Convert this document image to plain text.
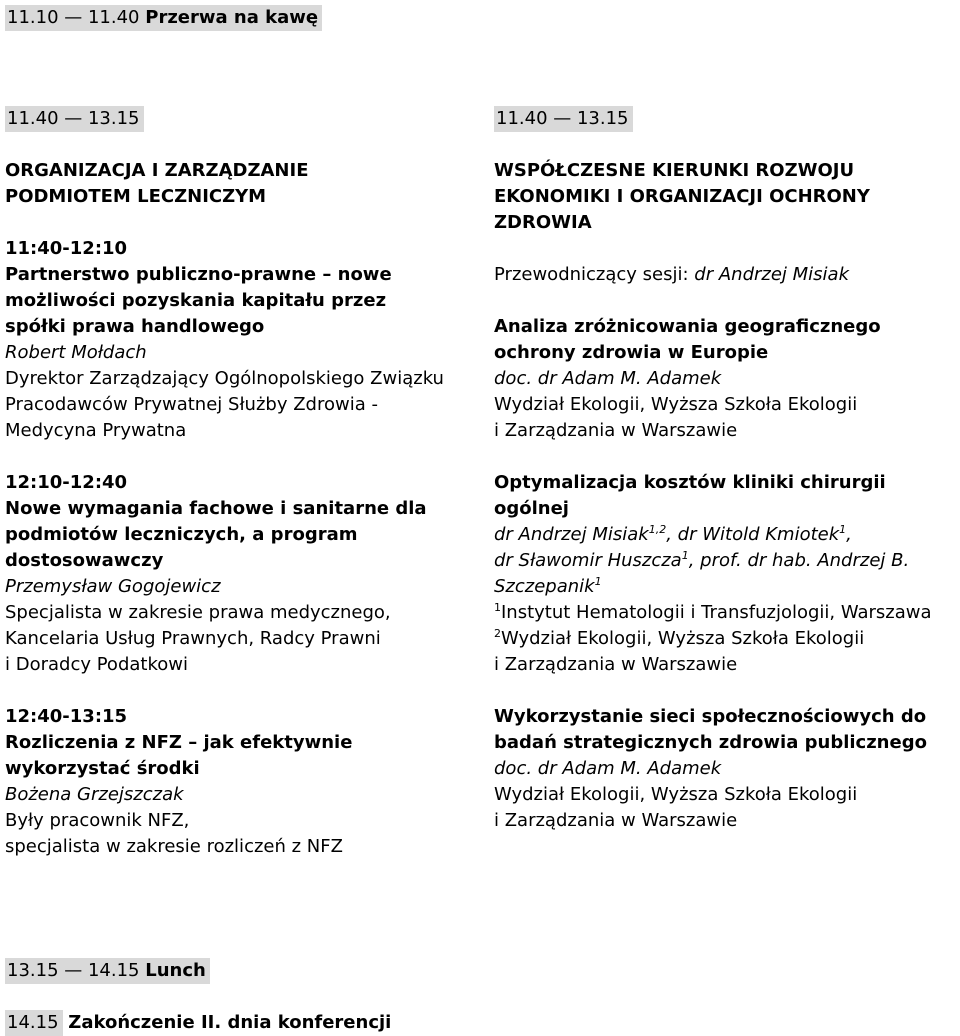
11.10 — 11.40 Przerwa na kawę

11.40 — 13.15

ORGANIZACJA I ZARZĄDZANIE

PODMIOTEM LECZNICZYM

11:40-12:10

Partnerstwo publiczno-prawne – nowe

możliwości pozyskania kapitału przez

spółki prawa handlowego

Robert Mołdach

Dyrektor Zarządzający Ogólnopolskiego Związku

Pracodawców Prywatnej Służby Zdrowia -

Medycyna Prywatna

12:10-12:40

Nowe wymagania fachowe i sanitarne dla

podmiotów leczniczych, a program

dostosowawczy

Przemysław Gogojewicz

Specjalista w zakresie prawa medycznego,

Kancelaria Usług Prawnych, Radcy Prawni

i Doradcy Podatkowi

12:40-13:15

Rozliczenia z NFZ – jak efektywnie

wykorzystać środki

Bożena Grzejszczak

Były pracownik NFZ,

specjalista w zakresie rozliczeń z NFZ

11.40 — 13.15

WSPÓŁCZESNE KIERUNKI ROZWOJU

EKONOMIKI I ORGANIZACJI OCHRONY

ZDROWIA

Przewodniczący sesji: dr Andrzej Misiak

Analiza zróżnicowania geograficznego

ochrony zdrowia w Europie

doc. dr Adam M. Adamek

Wydział Ekologii, Wyższa Szkoła Ekologii

i Zarządzania w Warszawie

Optymalizacja kosztów kliniki chirurgii

ogólnej

dr Andrzej Misiak$^{1,2}$, dr Witold Kmiotek$^1$,

dr Sławomir Huszcza$^1$, prof. dr hab. Andrzej B.

Szczepanik$^1$

$^1$Instytut Hematologii i Transfuzjologii, Warszawa

$^2$Wydział Ekologii, Wyższa Szkoła Ekologii

i Zarządzania w Warszawie

Wykorzystanie sieci społecznościowych do

badań strategicznych zdrowia publicznego

doc. dr Adam M. Adamek

Wydział Ekologii, Wyższa Szkoła Ekologii

i Zarządzania w Warszawie

13.15 — 14.15 Lunch
14.15 Zakończenie II. dnia konferencji
